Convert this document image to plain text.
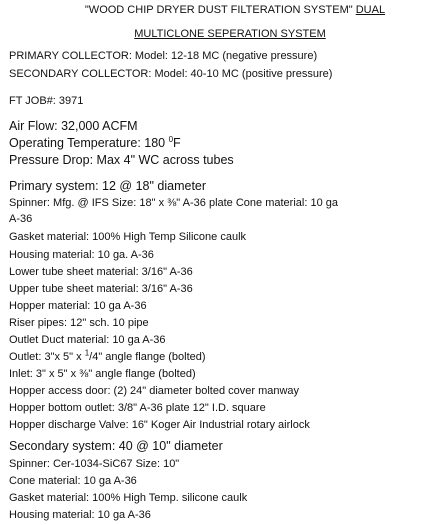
"WOOD CHIP DRYER DUST FILTERATION SYSTEM" DUAL
MULTICLONE SEPERATION SYSTEM
PRIMARY COLLECTOR: Model: 12-18 MC (negative pressure)
SECONDARY COLLECTOR: Model: 40-10 MC (positive pressure)
FT JOB#: 3971
Air Flow: 32,000 ACFM
Operating Temperature: 180 $^0$F
Pressure Drop: Max 4" WC across tubes
Primary system: 12 @ 18" diameter
Spinner: Mfg. @ IFS Size: 18" x ⅜" A-36 plate Cone material: 10 ga
A-36
Gasket material: 100% High Temp Silicone caulk
Housing material: 10 ga. A-36
Lower tube sheet material: 3/16" A-36
Upper tube sheet material: 3/16" A-36
Hopper material: 10 ga A-36
Riser pipes: 12" sch. 10 pipe
Outlet Duct material: 10 ga A-36
Outlet: 3"x 5" x $^1$/4" angle flange (bolted)
Inlet: 3" x 5" x ⅜" angle flange (bolted)
Hopper access door: (2) 24" diameter bolted cover manway
Hopper bottom outlet: 3/8" A-36 plate 12" I.D. square
Hopper discharge Valve: 16" Koger Air Industrial rotary airlock
Secondary system: 40 @ 10" diameter
Spinner: Cer-1034-SiC67 Size: 10"
Cone material: 10 ga A-36
Gasket material: 100% High Temp. silicone caulk
Housing material: 10 ga A-36
